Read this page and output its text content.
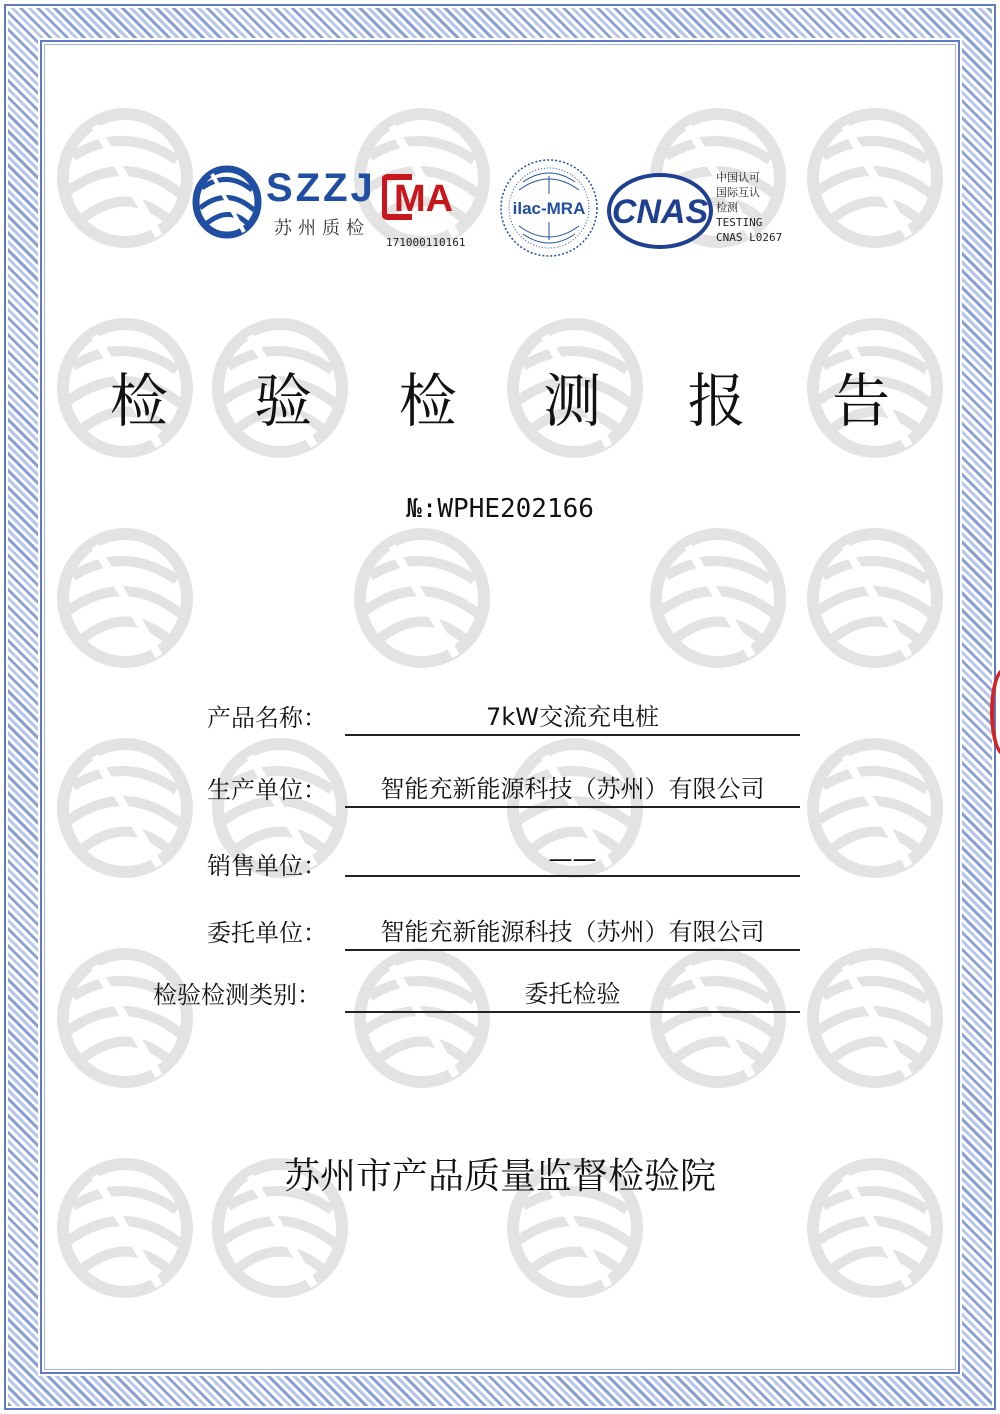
SZZJ
苏州质检
MA
171000110161
ilac-MRA CNAS
中国认可
国际互认
检测
TESTING
CNAS L0267
检 验 检 测 报 告
№:WPHE202166
产品名称：	7kW交流充电桩
生产单位：	智能充新能源科技（苏州）有限公司
销售单位：	——
委托单位：	智能充新能源科技（苏州）有限公司
检验检测类别：	委托检验
苏州市产品质量监督检验院
